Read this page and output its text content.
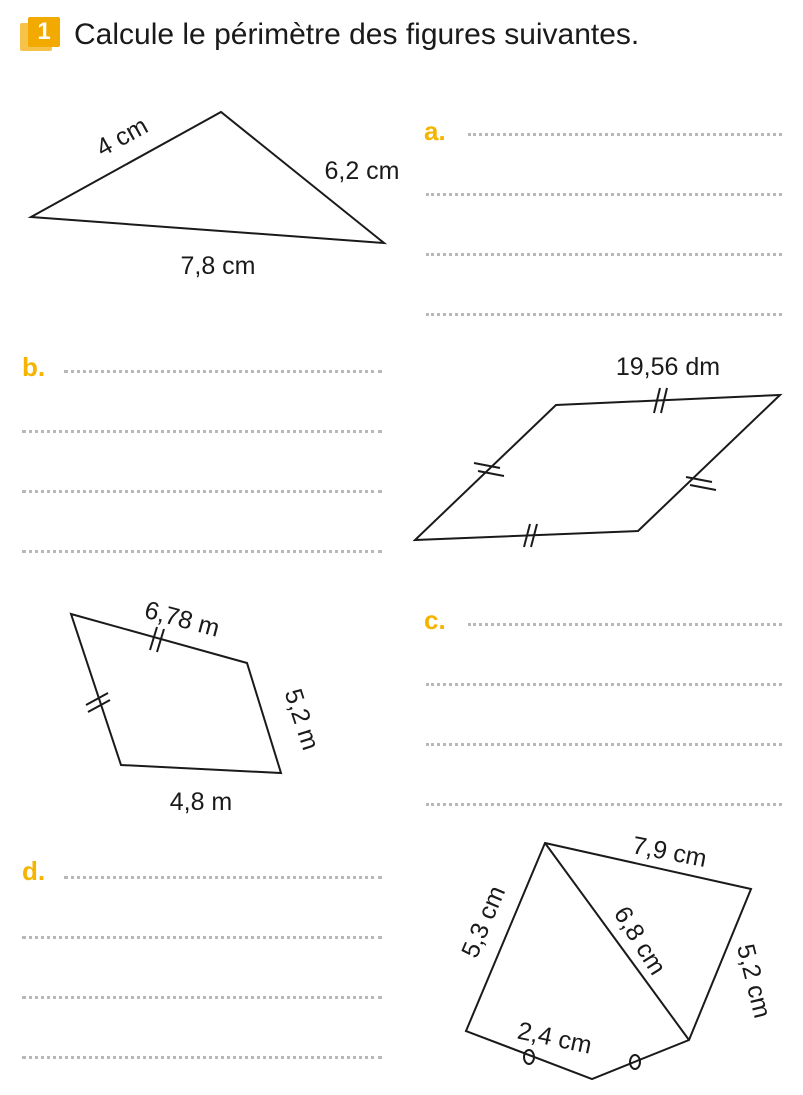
1 Calcule le périmètre des figures suivantes.
a.
b.
c.
d.
4 cm
6,2 cm
7,8 cm
19,56 dm
6,78 m
5,2 m
4,8 m
5,3 cm
7,9 cm
6,8 cm
5,2 cm
2,4 cm
